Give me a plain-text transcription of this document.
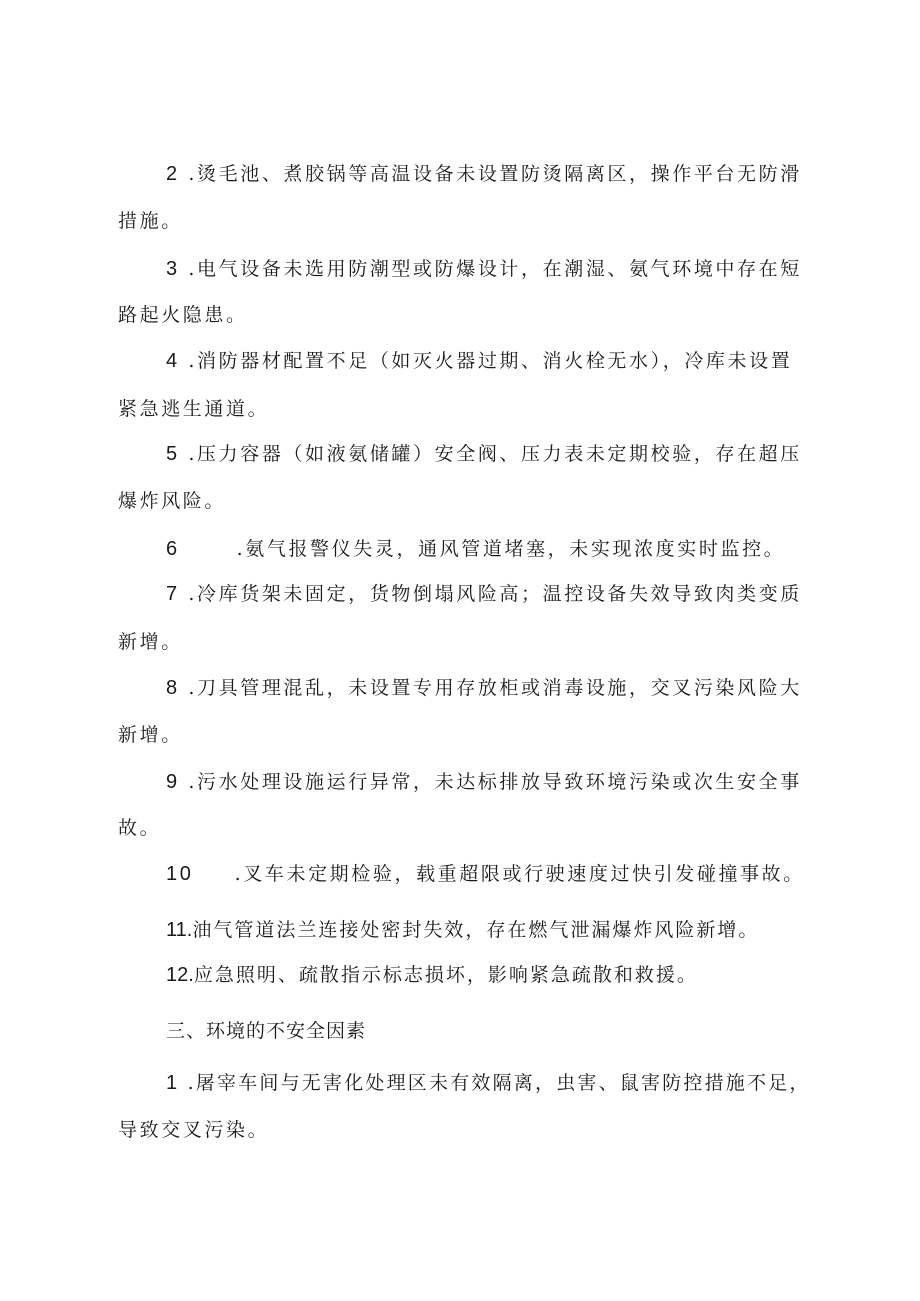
2 .烫毛池、煮胶锅等高温设备未设置防烫隔离区，操作平台无防滑
措施。
3 .电气设备未选用防潮型或防爆设计，在潮湿、氨气环境中存在短
路起火隐患。
4 .消防器材配置不足（如灭火器过期、消火栓无水），冷库未设置
紧急逃生通道。
5 .压力容器（如液氨储罐）安全阀、压力表未定期校验，存在超压
爆炸风险。
6	.氨气报警仪失灵，通风管道堵塞，未实现浓度实时监控。
7 .冷库货架未固定，货物倒塌风险高；温控设备失效导致肉类变质
新增。
8 .刀具管理混乱，未设置专用存放柜或消毒设施，交叉污染风险大
新增。
9 .污水处理设施运行异常，未达标排放导致环境污染或次生安全事
故。
10 .叉车未定期检验，载重超限或行驶速度过快引发碰撞事故。
11.油气管道法兰连接处密封失效，存在燃气泄漏爆炸风险新增。
12.应急照明、疏散指示标志损坏，影响紧急疏散和救援。
三、环境的不安全因素
1 .屠宰车间与无害化处理区未有效隔离，虫害、鼠害防控措施不足，
导致交叉污染。
